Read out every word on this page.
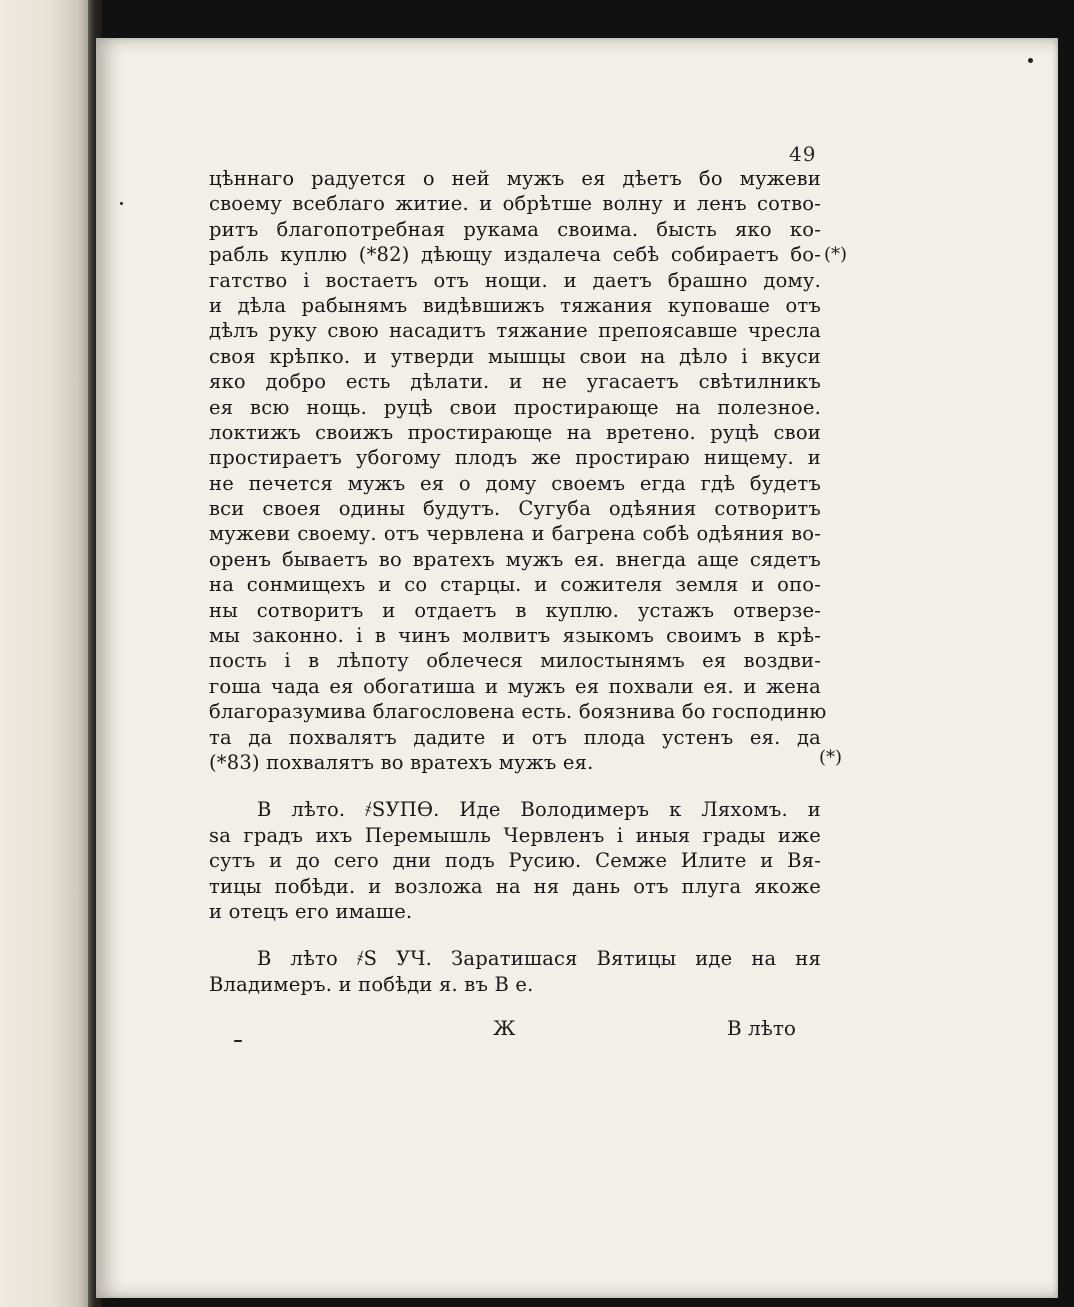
49
цѣннаго радуется о ней мужъ ея дѣетъ бо мужеви
своему всеблаго житие. и обрѣтше волну и ленъ сотво-
ритъ благопотребная рукама своима. бысть яко ко-
рабль куплю (*82) дѣющу издалеча себѣ собираетъ бо-
гатство і востаетъ отъ нощи. и даетъ брашно дому.
и дѣла рабынямъ видѣвшижъ тяжания куповаше отъ
дѣлъ руку свою насадитъ тяжание препоясавше чресла
своя крѣпко. и утверди мышцы свои на дѣло і вкуси
яко добро есть дѣлати. и не угасаетъ свѣтилникъ
ея всю нощь. руцѣ свои простирающе на полезное.
локтижъ своижъ простирающе на вретено. руцѣ свои
простираетъ убогому плодъ же простираю нищему. и
не печется мужъ ея о дому своемъ егда гдѣ будетъ
вси своея одины будутъ. Сугуба одѣяния сотворитъ
мужеви своему. отъ червлена и багрена собѣ одѣяния во-
оренъ бываетъ во вратехъ мужъ ея. внегда аще сядетъ
на сонмищехъ и со старцы. и сожителя земля и опо-
ны сотворитъ и отдаетъ в куплю. устажъ отверзе-
мы законно. і в чинъ молвитъ языкомъ своимъ в крѣ-
пость і в лѣпоту облечеся милостынямъ ея воздви-
гоша чада ея обогатиша и мужъ ея похвали ея. и жена
благоразумива благословена есть. боязнива бо господиню
та да похвалятъ дадите и отъ плода устенъ ея. да
(*83) похвалятъ во вратехъ мужъ ея.
В лѣто. ҂ЅУПѲ. Иде Володимеръ к Ляхомъ. и
ѕа градъ ихъ Перемышль Червленъ і иныя грады иже
сутъ и до сего дни подъ Русию. Семже Илите и Вя-
тицы побѣди. и возложа на ня дань отъ плуга якоже
и отецъ его имаше.
В лѣто ҂Ѕ УЧ. Заратишася Вятицы иде на ня
Владимеръ. и побѣди я. въ В е.
(*)
(*)
Ж	В лѣто
